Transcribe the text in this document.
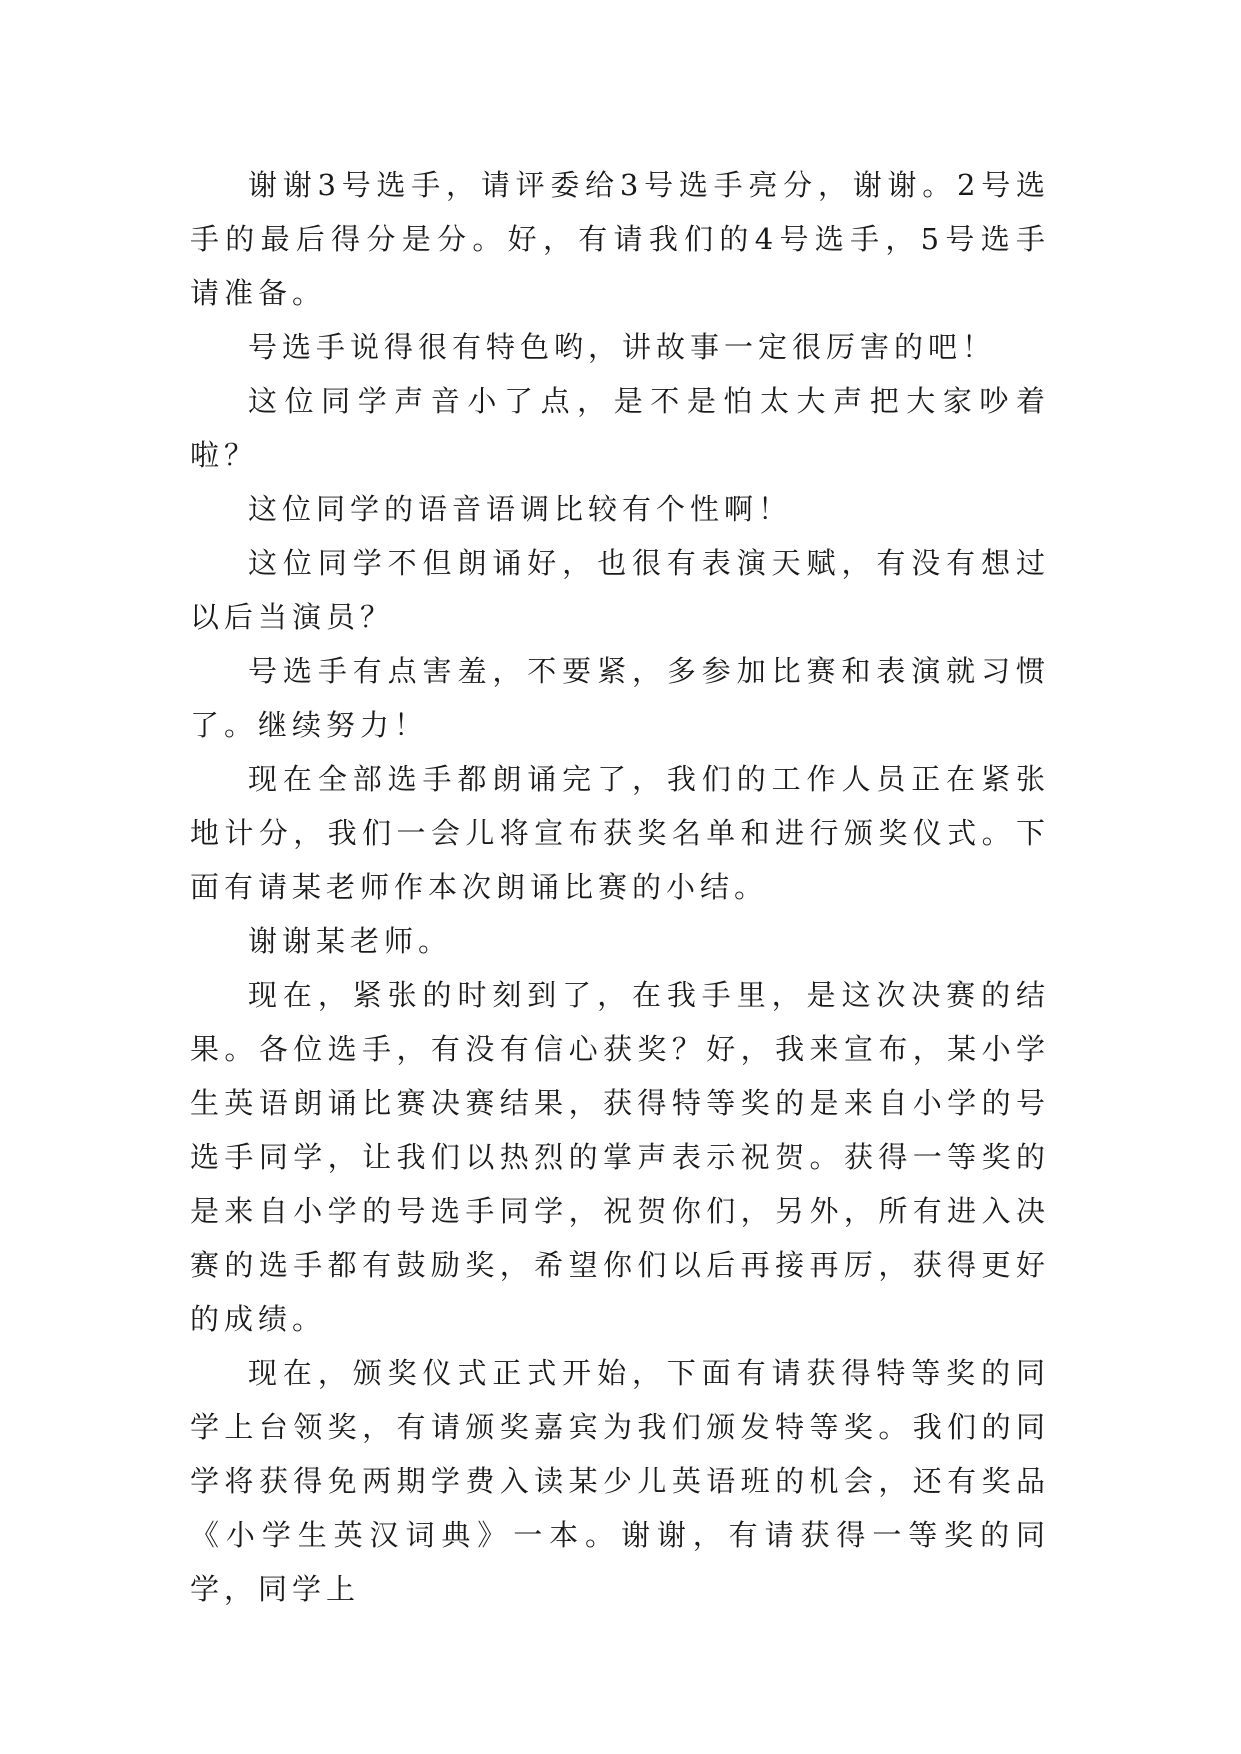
谢谢3号选手，请评委给3号选手亮分，谢谢。2号选手的最后得分是分。好，有请我们的4号选手，5号选手请准备。

号选手说得很有特色哟，讲故事一定很厉害的吧！

这位同学声音小了点，是不是怕太大声把大家吵着啦？

这位同学的语音语调比较有个性啊！

这位同学不但朗诵好，也很有表演天赋，有没有想过以后当演员？

号选手有点害羞，不要紧，多参加比赛和表演就习惯了。继续努力！

现在全部选手都朗诵完了，我们的工作人员正在紧张地计分，我们一会儿将宣布获奖名单和进行颁奖仪式。下面有请某老师作本次朗诵比赛的小结。

谢谢某老师。

现在，紧张的时刻到了，在我手里，是这次决赛的结果。各位选手，有没有信心获奖？好，我来宣布，某小学生英语朗诵比赛决赛结果，获得特等奖的是来自小学的号选手同学，让我们以热烈的掌声表示祝贺。获得一等奖的是来自小学的号选手同学，祝贺你们，另外，所有进入决赛的选手都有鼓励奖，希望你们以后再接再厉，获得更好的成绩。

现在，颁奖仪式正式开始，下面有请获得特等奖的同学上台领奖，有请颁奖嘉宾为我们颁发特等奖。我们的同学将获得免两期学费入读某少儿英语班的机会，还有奖品《小学生英汉词典》一本。谢谢，有请获得一等奖的同学，同学上
